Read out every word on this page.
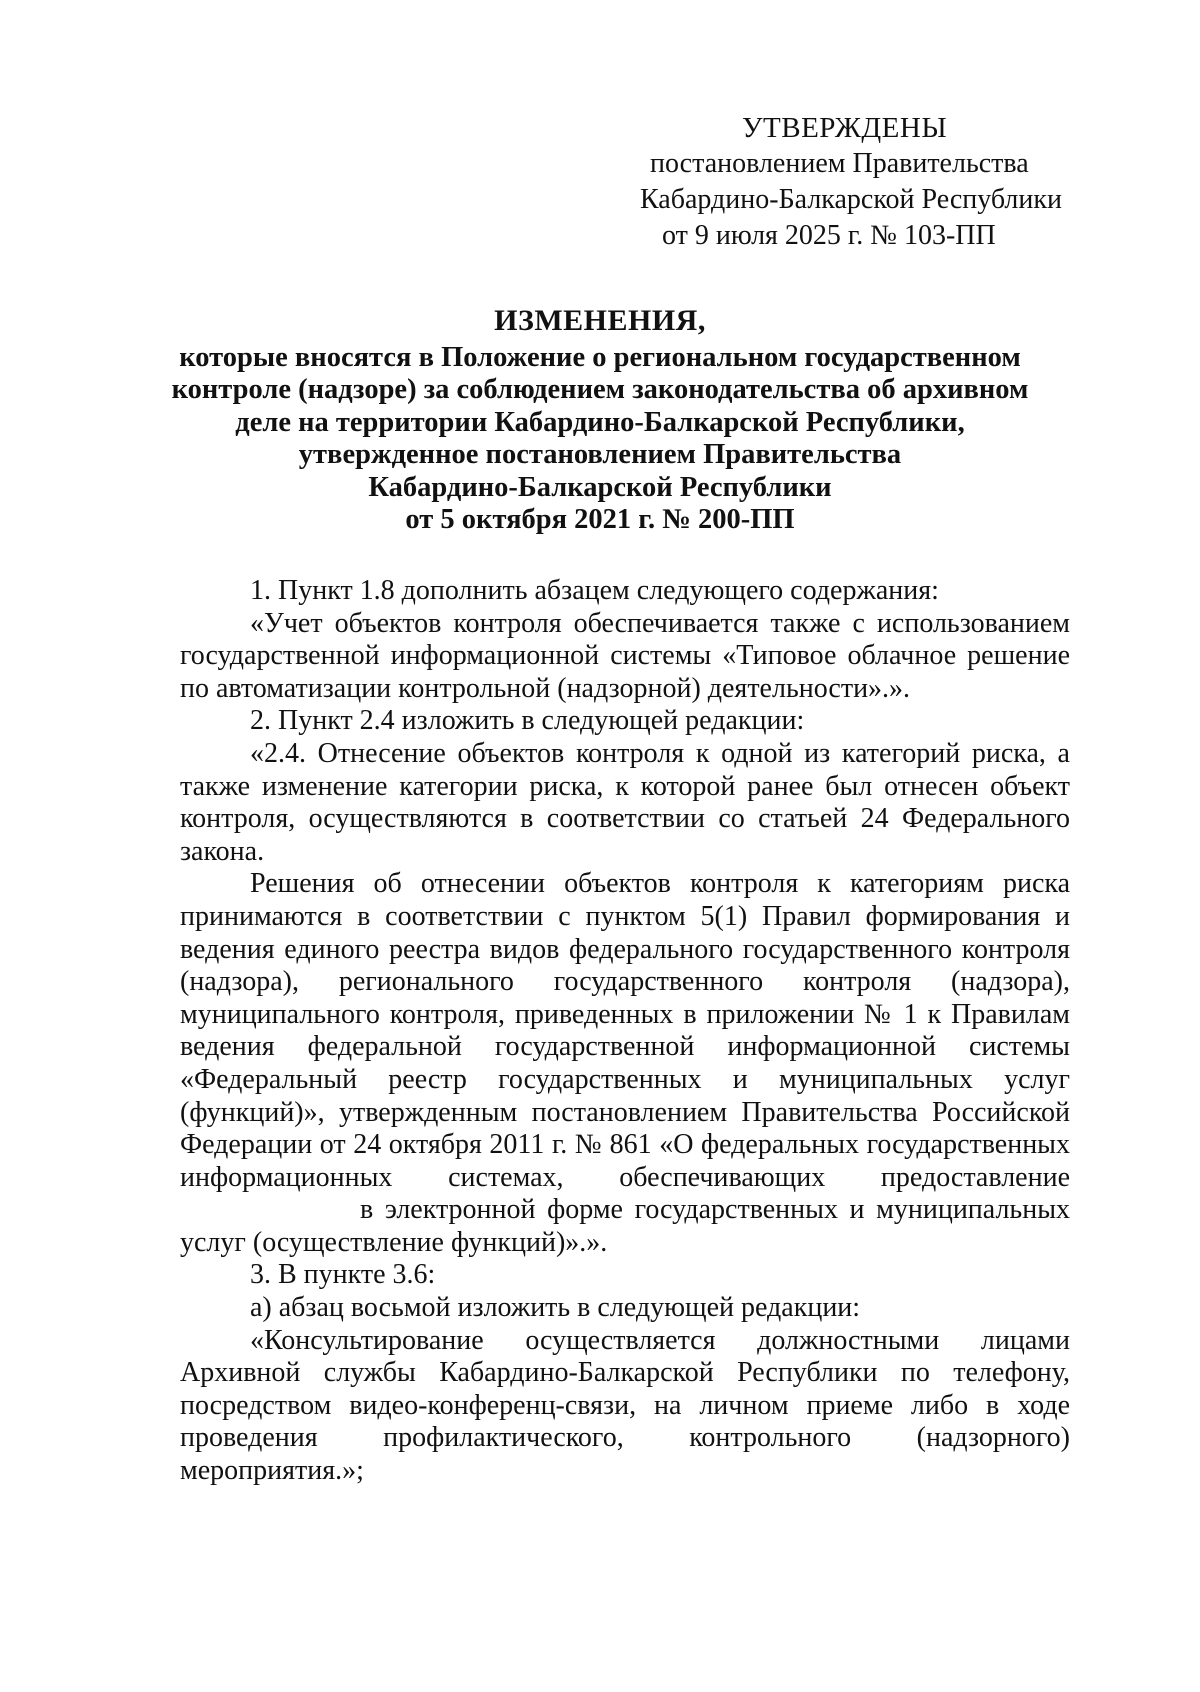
УТВЕРЖДЕНЫ
постановлением Правительства
Кабардино-Балкарской Республики
от 9 июля 2025 г. № 103-ПП
ИЗМЕНЕНИЯ,
которые вносятся в Положение о региональном государственном
контроле (надзоре) за соблюдением законодательства об архивном
деле на территории Кабардино-Балкарской Республики,
утвержденное постановлением Правительства
Кабардино-Балкарской Республики
от 5 октября 2021 г. № 200-ПП

1. Пункт 1.8 дополнить абзацем следующего содержания:

«Учет объектов контроля обеспечивается также с использованием государственной информационной системы «Типовое облачное решение по автоматизации контрольной (надзорной) деятельности».».

2. Пункт 2.4 изложить в следующей редакции:

«2.4. Отнесение объектов контроля к одной из категорий риска, а также изменение категории риска, к которой ранее был отнесен объект контроля, осуществляются в соответствии со статьей 24 Федерального закона.

Решения об отнесении объектов контроля к категориям риска принимаются в соответствии с пунктом 5(1) Правил формирования и ведения единого реестра видов федерального государственного контроля (надзора), регионального государственного контроля (надзора), муниципального контроля, приведенных в приложении № 1 к Правилам ведения федеральной государственной информационной системы «Федеральный реестр государственных и муниципальных услуг (функций)», утвержденным постановлением Правительства Российской Федерации от 24 октября 2011 г. № 861 «О федеральных государственных информационных системах, обеспечивающих предоставлениев электронной форме государственных и муниципальных услуг (осуществление функций)».».

3. В пункте 3.6:

а) абзац восьмой изложить в следующей редакции:

«Консультирование осуществляется должностными лицами Архивной службы Кабардино-Балкарской Республики по телефону, посредством видео-конференц-связи, на личном приеме либо в ходе проведения профилактического, контрольного (надзорного) мероприятия.»;
